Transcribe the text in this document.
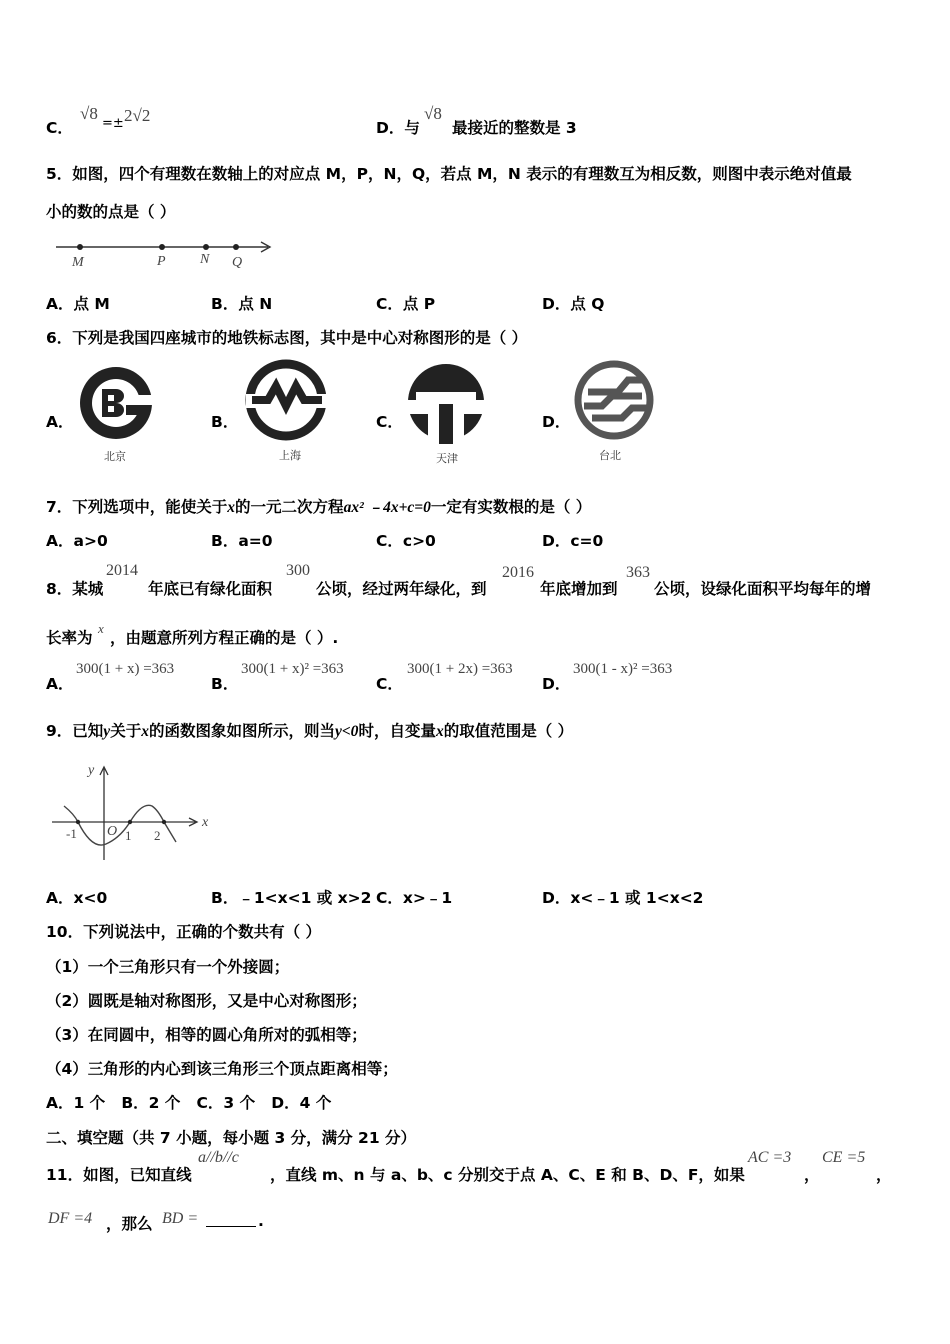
C．
√8
=± 2√2
D．与
√8
最接近的整数是 3
5．如图，四个有理数在数轴上的对应点 M，P，N，Q，若点 M，N 表示的有理数互为相反数，则图中表示绝对值最
小的数的点是（ ）
M	P N Q
A．点 M	B．点 N	C．点 P	D．点 Q
6．下列是我国四座城市的地铁标志图，其中是中心对称图形的是（ ）
A．	B．	C．	D．
北京	上海	天津	台北
7．下列选项中，能使关于x的一元二次方程ax² ﹣4x+c=0一定有实数根的是（ ）
A．a>0	B．a=0	C．c>0	D．c=0
8．某城
2014
年底已有绿化面积
300
公顷，经过两年绿化，到
2016
年底增加到
363
公顷，设绿化面积平均每年的增
长率为
x
，由题意所列方程正确的是（ ）.
A．
300(1 + x) =363
B．
300(1 + x)² =363
C．
300(1 + 2x) =363
D．
300(1 - x)² =363
9．已知y关于x的函数图象如图所示，则当y<0时，自变量x的取值范围是（ ）
y
x
-1 O 1 2
A．x<0	B．﹣1<x<1 或 x>2 C．x>﹣1	D．x<﹣1 或 1<x<2
10．下列说法中，正确的个数共有（ ）
（1）一个三角形只有一个外接圆；
（2）圆既是轴对称图形，又是中心对称图形；
（3）在同圆中，相等的圆心角所对的弧相等；
（4）三角形的内心到该三角形三个顶点距离相等；
A．1 个   B．2 个   C．3 个   D．4 个
二、填空题（共 7 小题，每小题 3 分，满分 21 分）
11．如图，已知直线
a//b//c
，直线 m、n 与 a、b、c 分别交于点 A、C、E 和 B、D、F，如果
AC =3
，
CE =5
，
DF =4 ，那么 BD =	.
